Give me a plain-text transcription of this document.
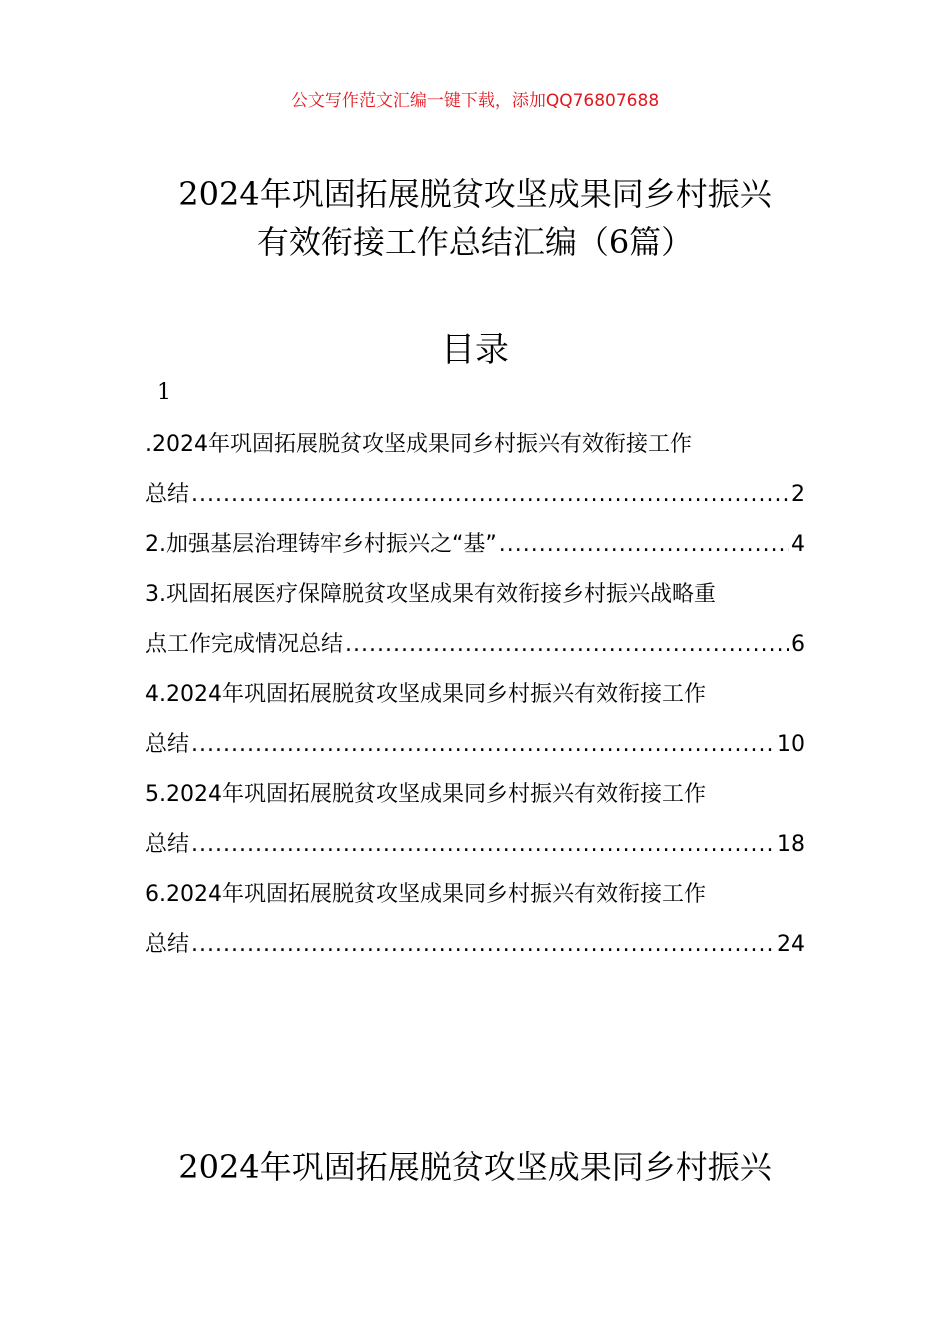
公文写作范文汇编一键下载，添加QQ76807688
2024年巩固拓展脱贫攻坚成果同乡村振兴
有效衔接工作总结汇编（6篇）
目录
1
.2024年巩固拓展脱贫攻坚成果同乡村振兴有效衔接工作
总结 .....	2
2.加强基层治理铸牢乡村振兴之“基” .....	4
3.巩固拓展医疗保障脱贫攻坚成果有效衔接乡村振兴战略重
点工作完成情况总结 .....	6
4.2024年巩固拓展脱贫攻坚成果同乡村振兴有效衔接工作
总结 .....	10
5.2024年巩固拓展脱贫攻坚成果同乡村振兴有效衔接工作
总结 .....	18
6.2024年巩固拓展脱贫攻坚成果同乡村振兴有效衔接工作
总结 .....	24
2024年巩固拓展脱贫攻坚成果同乡村振兴
